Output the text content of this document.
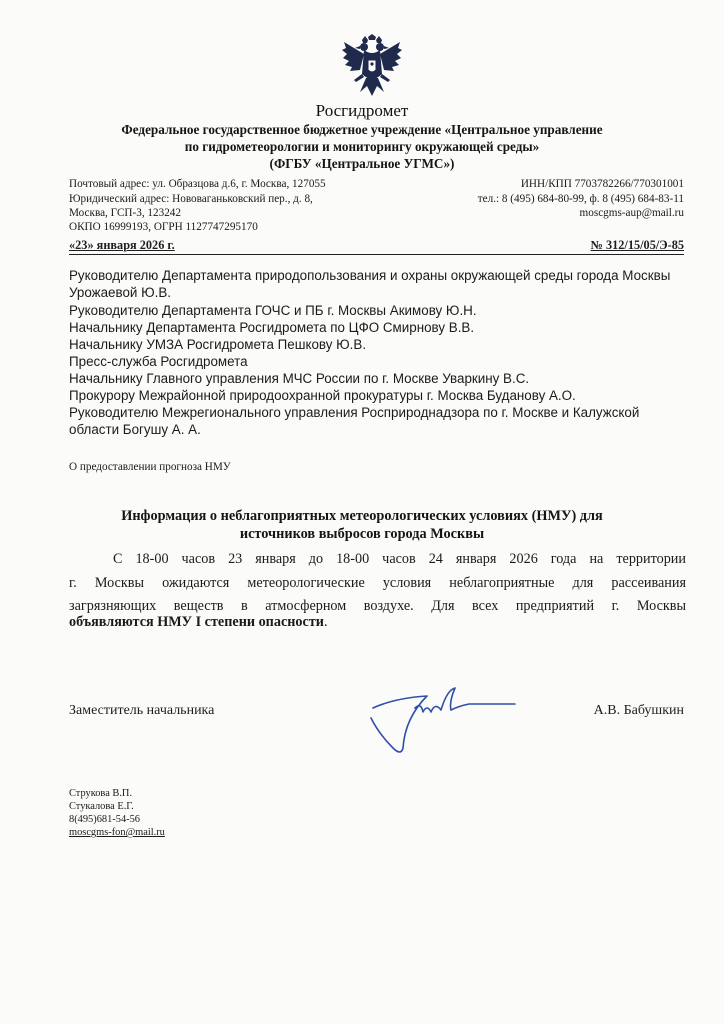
Росгидромет
Федеральное государственное бюджетное учреждение «Центральное управление
по гидрометеорологии и мониторингу окружающей среды»
(ФГБУ «Центральное УГМС»)
Почтовый адрес: ул. Образцова д.6, г. Москва, 127055
Юридический адрес: Нововаганьковский пер., д. 8,
Москва, ГСП-3, 123242
ОКПО 16999193, ОГРН 1127747295170
ИНН/КПП 7703782266/770301001
тел.: 8 (495) 684-80-99, ф. 8 (495) 684-83-11
moscgms-aup@mail.ru
«23» января 2026 г.	№ 312/15/05/Э-85
Руководителю Департамента природопользования и охраны окружающей среды города Москвы
Урожаевой Ю.В.
Руководителю Департамента ГОЧС и ПБ г. Москвы Акимову Ю.Н.
Начальнику Департамента Росгидромета по ЦФО Смирнову В.В.
Начальнику УМЗА Росгидромета Пешкову Ю.В.
Пресс-служба Росгидромета
Начальнику Главного управления МЧС России по г. Москве Уваркину В.С.
Прокурору Межрайонной природоохранной прокуратуры г. Москва Буданову А.О.
Руководителю Межрегионального управления Росприроднадзора по г. Москве и Калужской
области Богушу А. А.
О предоставлении прогноза НМУ
Информация о неблагоприятных метеорологических условиях (НМУ) для
источников выбросов города Москвы
С 18-00 часов 23 января до 18-00 часов 24 января 2026 года на территории
г. Москвы ожидаются метеорологические условия неблагоприятные для рассеивания
загрязняющих веществ в атмосферном воздухе. Для всех предприятий г. Москвы
объявляются НМУ I степени опасности.
Заместитель начальника	А.В. Бабушкин
Струкова В.П.
Стукалова Е.Г.
8(495)681-54-56
moscgms-fon@mail.ru
